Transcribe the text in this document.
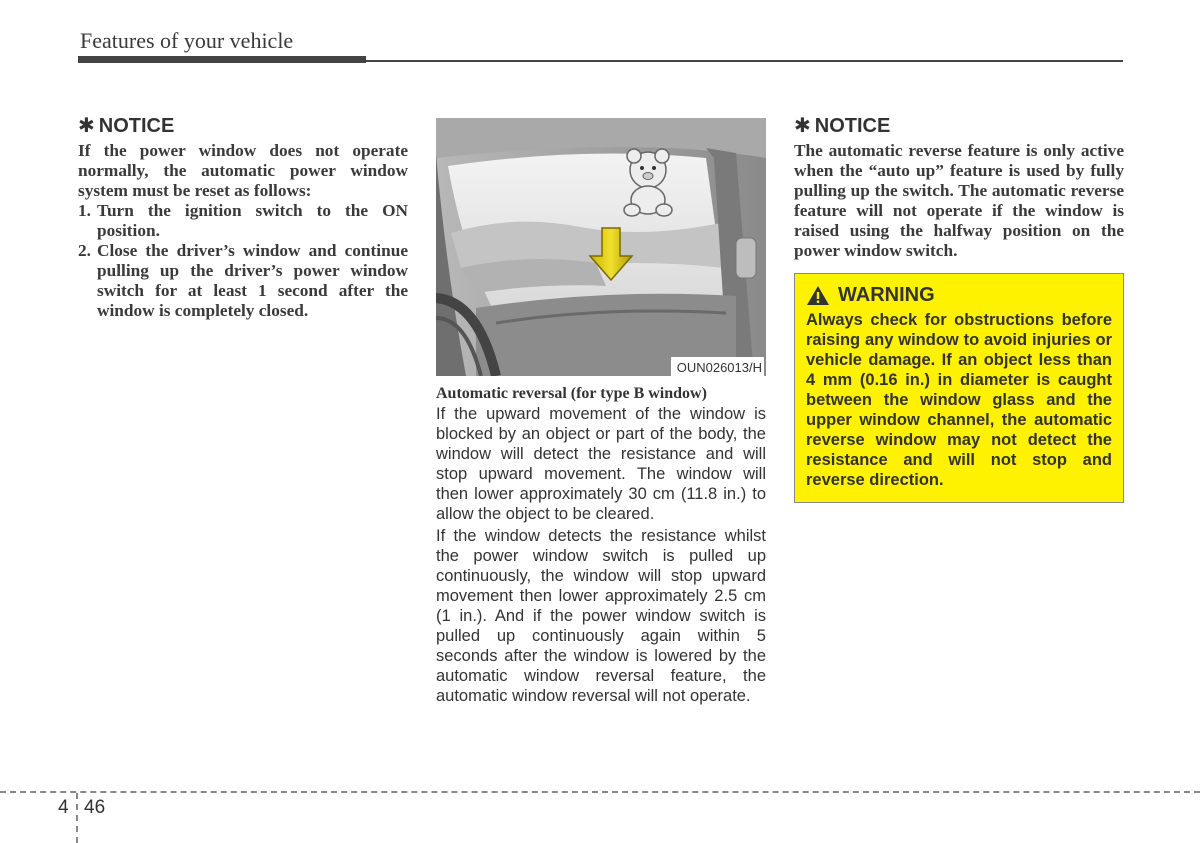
Features of your vehicle
✱ NOTICE
If the power window does not operate normally, the automatic power window system must be reset as follows:
1. Turn the ignition switch to the ON position.
2. Close the driver’s window and continue pulling up the driver’s power window switch for at least 1 second after the window is completely closed.
OUN026013/H
Automatic reversal (for type B window)
If the upward movement of the window is blocked by an object or part of the body, the window will detect the resistance and will stop upward movement. The window will then lower approximately 30 cm (11.8 in.) to allow the object to be cleared.
If the window detects the resistance whilst the power window switch is pulled up continuously, the window will stop upward movement then lower approximately 2.5 cm (1 in.). And if the power window switch is pulled up continuously again within 5 seconds after the window is lowered by the automatic window reversal feature, the automatic window reversal will not operate.
✱ NOTICE
The automatic reverse feature is only active when the “auto up” feature is used by fully pulling up the switch. The automatic reverse feature will not operate if the window is raised using the halfway position on the power window switch.
WARNING
Always check for obstructions before raising any window to avoid injuries or vehicle damage. If an object less than 4 mm (0.16 in.) in diameter is caught between the window glass and the upper window channel, the automatic reverse window may not detect the resistance and will not stop and reverse direction.
4 46
